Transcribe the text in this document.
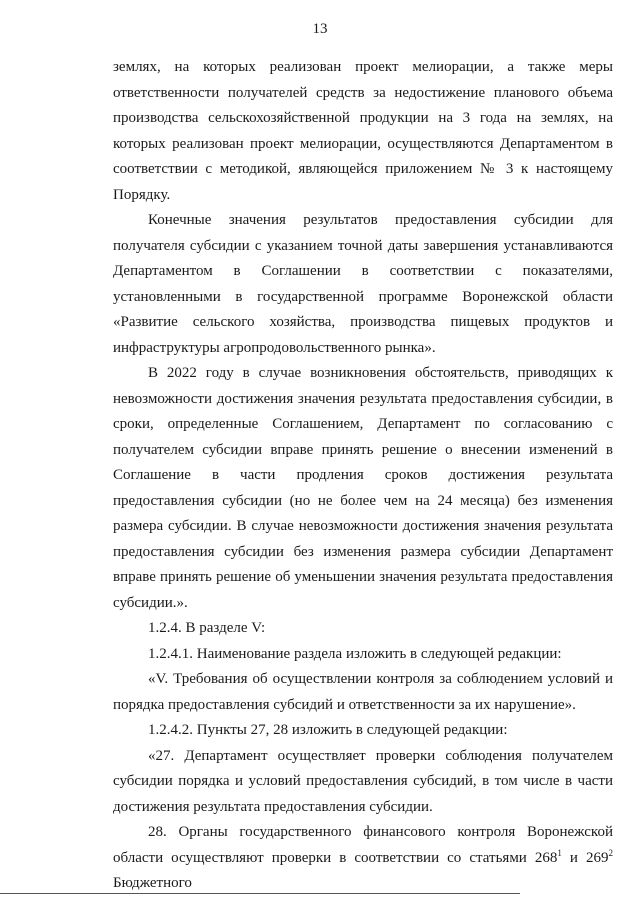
13

землях, на которых реализован проект мелиорации, а также меры ответственности получателей средств за недостижение планового объема производства сельскохозяйственной продукции на 3 года на землях, на которых реализован проект мелиорации, осуществляются Департаментом в соответствии с методикой, являющейся приложением № 3 к настоящему Порядку.

Конечные значения результатов предоставления субсидии для получателя субсидии с указанием точной даты завершения устанавливаются Департаментом в Соглашении в соответствии с показателями, установленными в государственной программе Воронежской области «Развитие сельского хозяйства, производства пищевых продуктов и инфраструктуры агропродовольственного рынка».

В 2022 году в случае возникновения обстоятельств, приводящих к невозможности достижения значения результата предоставления субсидии, в сроки, определенные Соглашением, Департамент по согласованию с получателем субсидии вправе принять решение о внесении изменений в Соглашение в части продления сроков достижения результата предоставления субсидии (но не более чем на 24 месяца) без изменения размера субсидии. В случае невозможности достижения значения результата предоставления субсидии без изменения размера субсидии Департамент вправе принять решение об уменьшении значения результата предоставления субсидии.».

1.2.4. В разделе V:

1.2.4.1. Наименование раздела изложить в следующей редакции:

«V. Требования об осуществлении контроля за соблюдением условий и порядка предоставления субсидий и ответственности за их нарушение».

1.2.4.2. Пункты 27, 28 изложить в следующей редакции:

«27. Департамент осуществляет проверки соблюдения получателем субсидии порядка и условий предоставления субсидий, в том числе в части достижения результата предоставления субсидии.

28. Органы государственного финансового контроля Воронежской области осуществляют проверки в соответствии со статьями $268^1$ и $269^2$ Бюджетного
